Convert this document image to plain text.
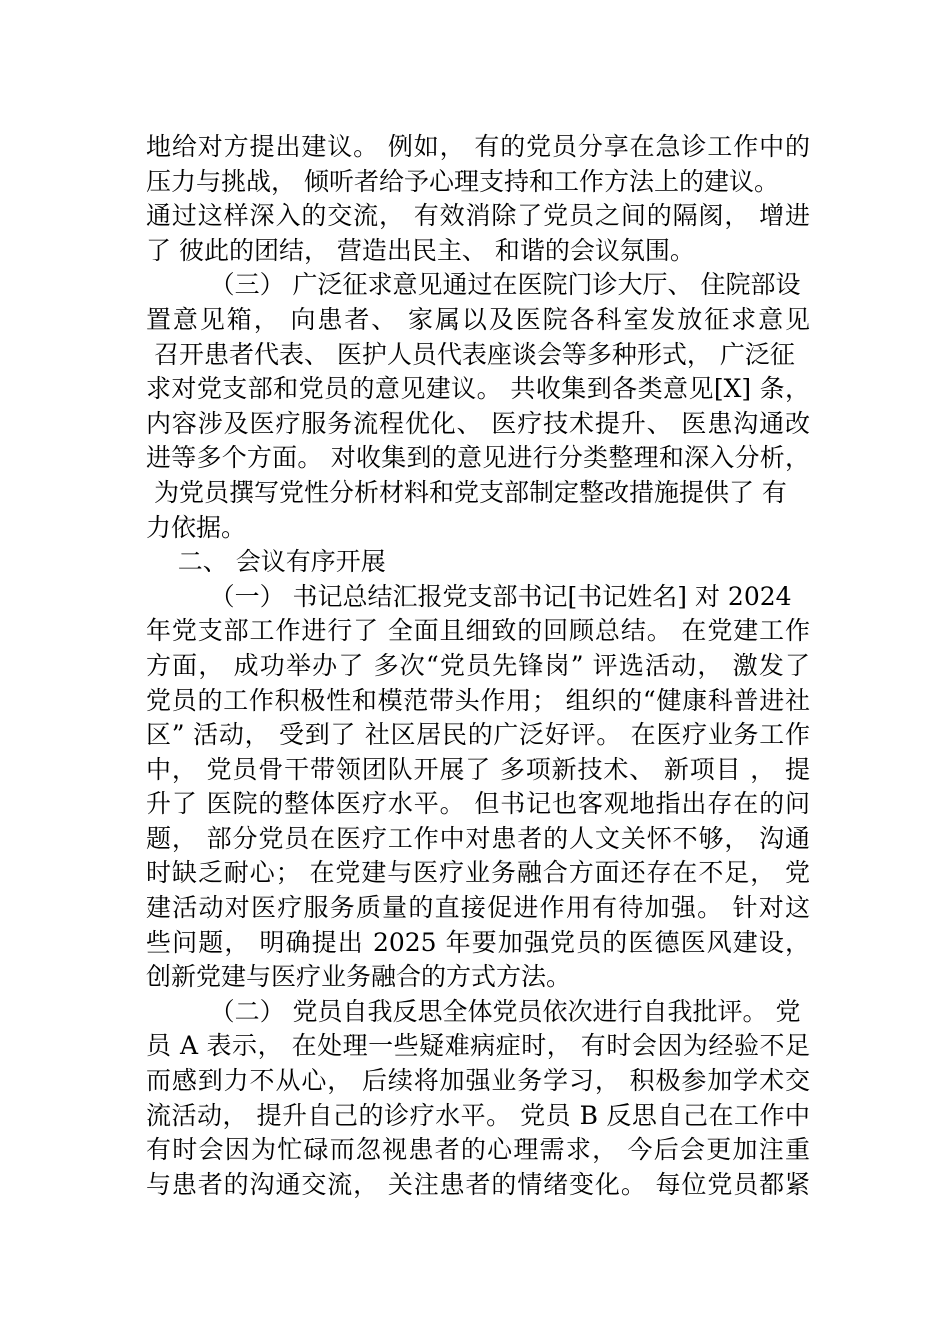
地给对方提出建议。 例如， 有的党员分享在急诊工作中的
压力与挑战， 倾听者给予心理支持和工作方法上的建议。
通过这样深入的交流， 有效消除了党员之间的隔阂， 增进
了 彼此的团结， 营造出民主、 和谐的会议氛围。
（三） 广泛征求意见通过在医院门诊大厅、 住院部设
置意见箱， 向患者、 家属以及医院各科室发放征求意见
召开患者代表、 医护人员代表座谈会等多种形式， 广泛征
求对党支部和党员的意见建议。 共收集到各类意见[X] 条，
内容涉及医疗服务流程优化、 医疗技术提升、 医患沟通改
进等多个方面。 对收集到的意见进行分类整理和深入分析，
为党员撰写党性分析材料和党支部制定整改措施提供了 有
力依据。
二、 会议有序开展
（一） 书记总结汇报党支部书记[书记姓名] 对 2024
年党支部工作进行了 全面且细致的回顾总结。 在党建工作
方面， 成功举办了 多次“党员先锋岗” 评选活动， 激发了
党员的工作积极性和模范带头作用； 组织的“健康科普进社
区” 活动， 受到了 社区居民的广泛好评。 在医疗业务工作
中， 党员骨干带领团队开展了 多项新技术、 新项目 ， 提
升了 医院的整体医疗水平。 但书记也客观地指出存在的问
题， 部分党员在医疗工作中对患者的人文关怀不够， 沟通
时缺乏耐心； 在党建与医疗业务融合方面还存在不足， 党
建活动对医疗服务质量的直接促进作用有待加强。 针对这
些问题， 明确提出 2025 年要加强党员的医德医风建设，
创新党建与医疗业务融合的方式方法。
（二） 党员自我反思全体党员依次进行自我批评。 党
员 A 表示， 在处理一些疑难病症时， 有时会因为经验不足
而感到力不从心， 后续将加强业务学习， 积极参加学术交
流活动， 提升自己的诊疗水平。 党员 B 反思自己在工作中
有时会因为忙碌而忽视患者的心理需求， 今后会更加注重
与患者的沟通交流， 关注患者的情绪变化。 每位党员都紧
